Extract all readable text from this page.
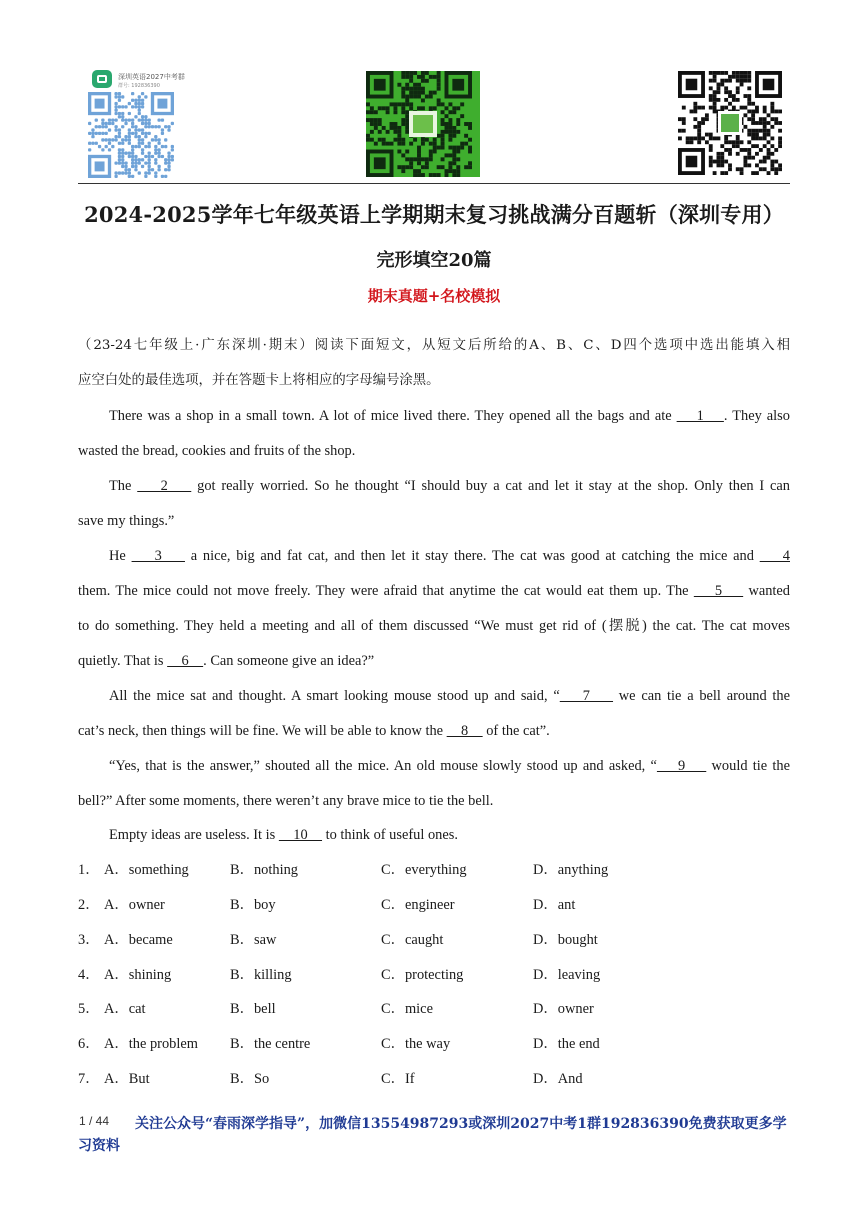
深圳英语2027中考群
群号: 192836390
2024-2025学年七年级英语上学期期末复习挑战满分百题斩（深圳专用）
完形填空20篇
期末真题+名校模拟
（23-24七年级上·广东深圳·期末）阅读下面短文，从短文后所给的A、B、C、D四个选项中选出能填入相
应空白处的最佳选项，并在答题卡上将相应的字母编号涂黑。
There was a shop in a small town. A lot of mice lived there. They opened all the bags and ate     1    . They also
wasted the bread, cookies and fruits of the shop.
The     2     got really worried. So he thought “I should buy a cat and let it stay at the shop. Only then I can
save my things.”
He     3     a nice, big and fat cat, and then let it stay there. The cat was good at catching the mice and     4
them. The mice could not move freely. They were afraid that anytime the cat would eat them up. The     5     wanted
to do something. They held a meeting and all of them discussed “We must get rid of (摆脱) the cat. The cat moves
quietly. That is     6    . Can someone give an idea?”
All the mice sat and thought. A smart looking mouse stood up and said, “    7     we can tie a bell around the
cat’s neck, then things will be fine. We will be able to know the     8     of the cat”.
“Yes, that is the answer,” shouted all the mice. An old mouse slowly stood up and asked, “    9     would tie the
bell?” After some moments, there weren’t any brave mice to tie the bell.
Empty ideas are useless. It is     10     to think of useful ones.
1． A．something	B．nothing	C．everything	D．anything
2． A．owner	B．boy	C．engineer	D．ant
3． A．became	B．saw	C．caught	D．bought
4． A．shining	B．killing	C．protecting	D．leaving
5． A．cat	B．bell	C．mice	D．owner
6． A．the problem B．the centre	C．the way	D．the end
7． A．But	B．So	C．If	D．And
1 / 44	关注公众号“春雨深学指导”，加微信13554987293或深圳2027中考1群192836390免费获取更多学习资料
